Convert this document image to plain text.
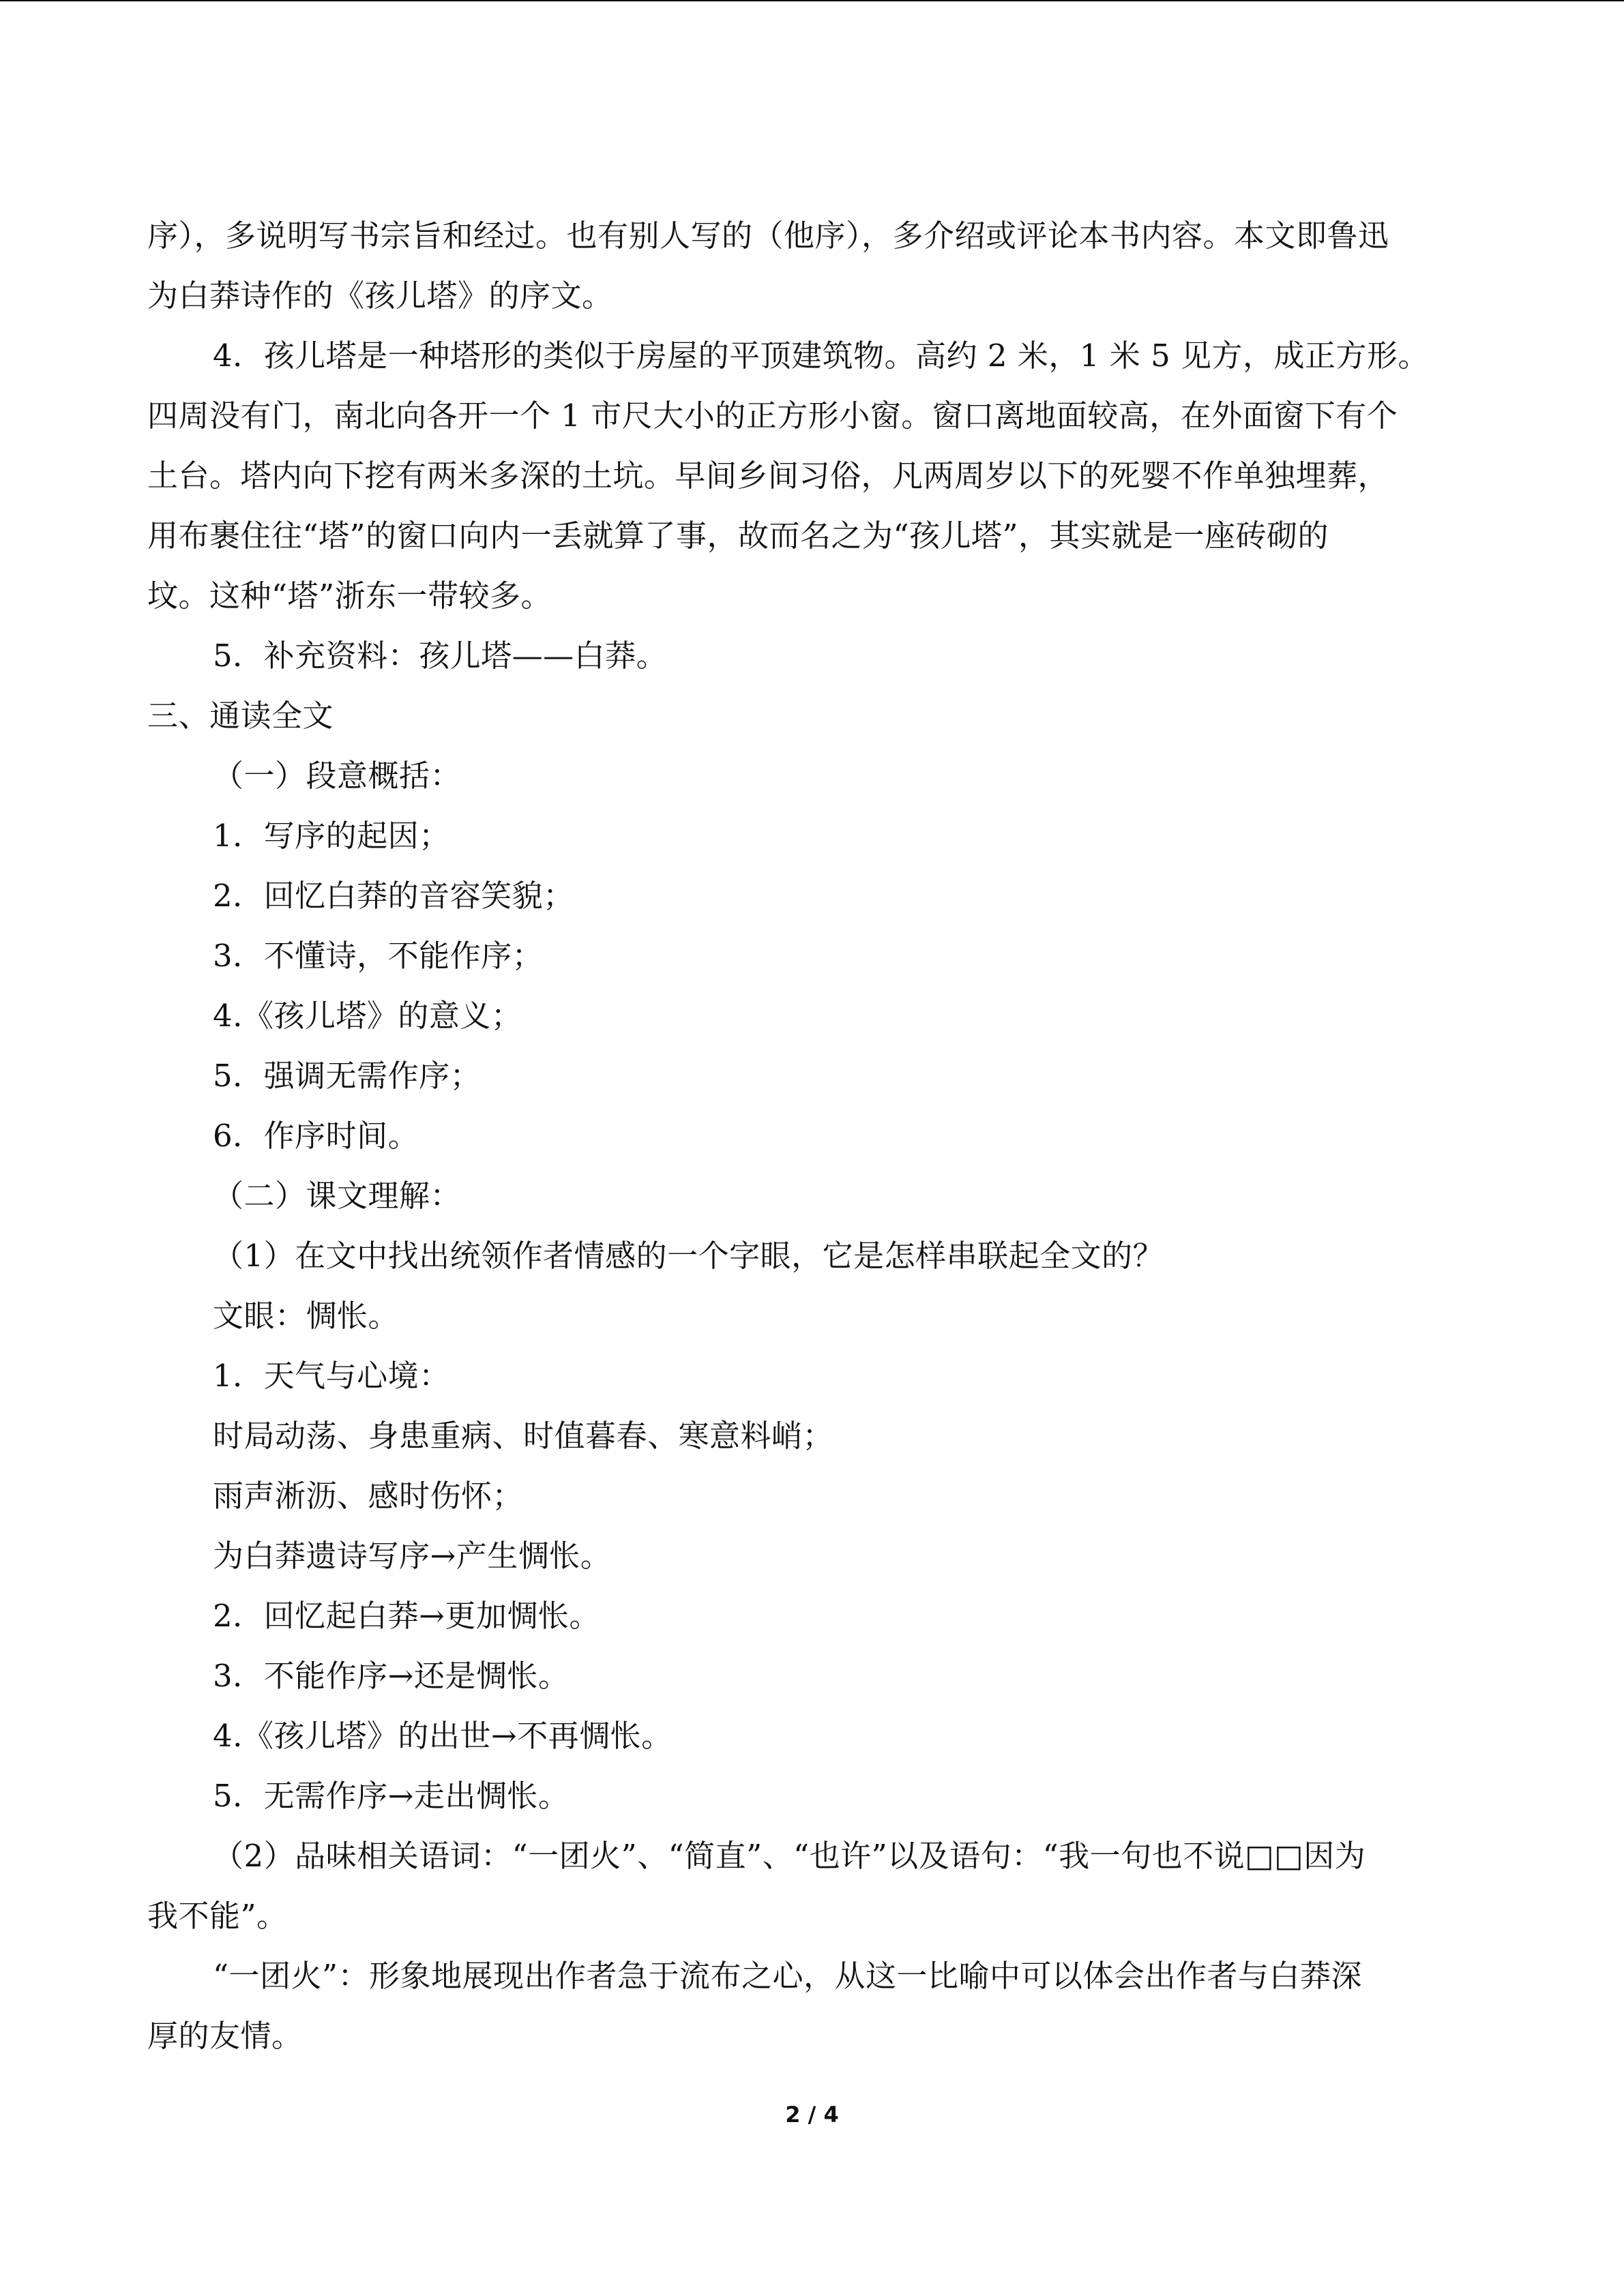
序），多说明写书宗旨和经过。也有别人写的（他序），多介绍或评论本书内容。本文即鲁迅
为白莽诗作的《孩儿塔》的序文。
4．孩儿塔是一种塔形的类似于房屋的平顶建筑物。高约 2 米，1 米 5 见方，成正方形。
四周没有门，南北向各开一个 1 市尺大小的正方形小窗。窗口离地面较高，在外面窗下有个
土台。塔内向下挖有两米多深的土坑。早间乡间习俗，凡两周岁以下的死婴不作单独埋葬，
用布裹住往“塔”的窗口向内一丢就算了事，故而名之为“孩儿塔”，其实就是一座砖砌的
坟。这种“塔”浙东一带较多。
5．补充资料：孩儿塔——白莽。
三、通读全文
（一）段意概括：
1．写序的起因；
2．回忆白莽的音容笑貌；
3．不懂诗，不能作序；
4.《孩儿塔》的意义；
5．强调无需作序；
6．作序时间。
（二）课文理解：
（1）在文中找出统领作者情感的一个字眼，它是怎样串联起全文的？
文眼：惆怅。
1．天气与心境：
时局动荡、身患重病、时值暮春、寒意料峭；
雨声淅沥、感时伤怀；
为白莽遗诗写序→产生惆怅。
2．回忆起白莽→更加惆怅。
3．不能作序→还是惆怅。
4.《孩儿塔》的出世→不再惆怅。
5．无需作序→走出惆怅。
（2）品味相关语词：“一团火”、“简直”、“也许”以及语句：“我一句也不说□□因为
我不能”。
“一团火”：形象地展现出作者急于流布之心，从这一比喻中可以体会出作者与白莽深
厚的友情。
2 / 4
